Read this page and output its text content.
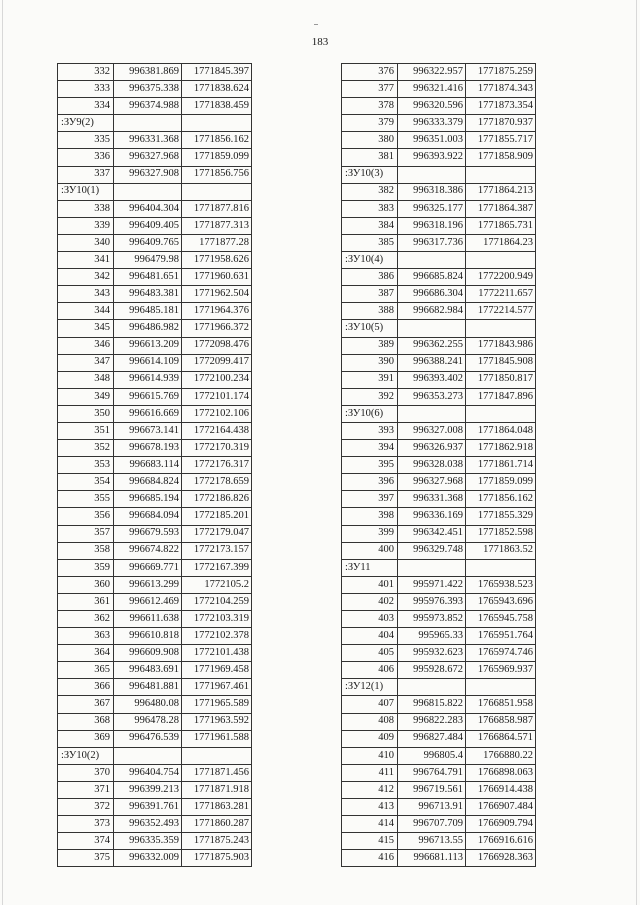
183
332	996381.869	1771845.397
333	996375.338	1771838.624
334	996374.988	1771838.459
:ЗУ9(2)		
335	996331.368	1771856.162
336	996327.968	1771859.099
337	996327.908	1771856.756
:ЗУ10(1)		
338	996404.304	1771877.816
339	996409.405	1771877.313
340	996409.765	1771877.28
341	996479.98	1771958.626
342	996481.651	1771960.631
343	996483.381	1771962.504
344	996485.181	1771964.376
345	996486.982	1771966.372
346	996613.209	1772098.476
347	996614.109	1772099.417
348	996614.939	1772100.234
349	996615.769	1772101.174
350	996616.669	1772102.106
351	996673.141	1772164.438
352	996678.193	1772170.319
353	996683.114	1772176.317
354	996684.824	1772178.659
355	996685.194	1772186.826
356	996684.094	1772185.201
357	996679.593	1772179.047
358	996674.822	1772173.157
359	996669.771	1772167.399
360	996613.299	1772105.2
361	996612.469	1772104.259
362	996611.638	1772103.319
363	996610.818	1772102.378
364	996609.908	1772101.438
365	996483.691	1771969.458
366	996481.881	1771967.461
367	996480.08	1771965.589
368	996478.28	1771963.592
369	996476.539	1771961.588
:ЗУ10(2)		
370	996404.754	1771871.456
371	996399.213	1771871.918
372	996391.761	1771863.281
373	996352.493	1771860.287
374	996335.359	1771875.243
375	996332.009	1771875.903
376	996322.957	1771875.259
377	996321.416	1771874.343
378	996320.596	1771873.354
379	996333.379	1771870.937
380	996351.003	1771855.717
381	996393.922	1771858.909
:ЗУ10(3)		
382	996318.386	1771864.213
383	996325.177	1771864.387
384	996318.196	1771865.731
385	996317.736	1771864.23
:ЗУ10(4)		
386	996685.824	1772200.949
387	996686.304	1772211.657
388	996682.984	1772214.577
:ЗУ10(5)		
389	996362.255	1771843.986
390	996388.241	1771845.908
391	996393.402	1771850.817
392	996353.273	1771847.896
:ЗУ10(6)		
393	996327.008	1771864.048
394	996326.937	1771862.918
395	996328.038	1771861.714
396	996327.968	1771859.099
397	996331.368	1771856.162
398	996336.169	1771855.329
399	996342.451	1771852.598
400	996329.748	1771863.52
:ЗУ11		
401	995971.422	1765938.523
402	995976.393	1765943.696
403	995973.852	1765945.758
404	995965.33	1765951.764
405	995932.623	1765974.746
406	995928.672	1765969.937
:ЗУ12(1)		
407	996815.822	1766851.958
408	996822.283	1766858.987
409	996827.484	1766864.571
410	996805.4	1766880.22
411	996764.791	1766898.063
412	996719.561	1766914.438
413	996713.91	1766907.484
414	996707.709	1766909.794
415	996713.55	1766916.616
416	996681.113	1766928.363
